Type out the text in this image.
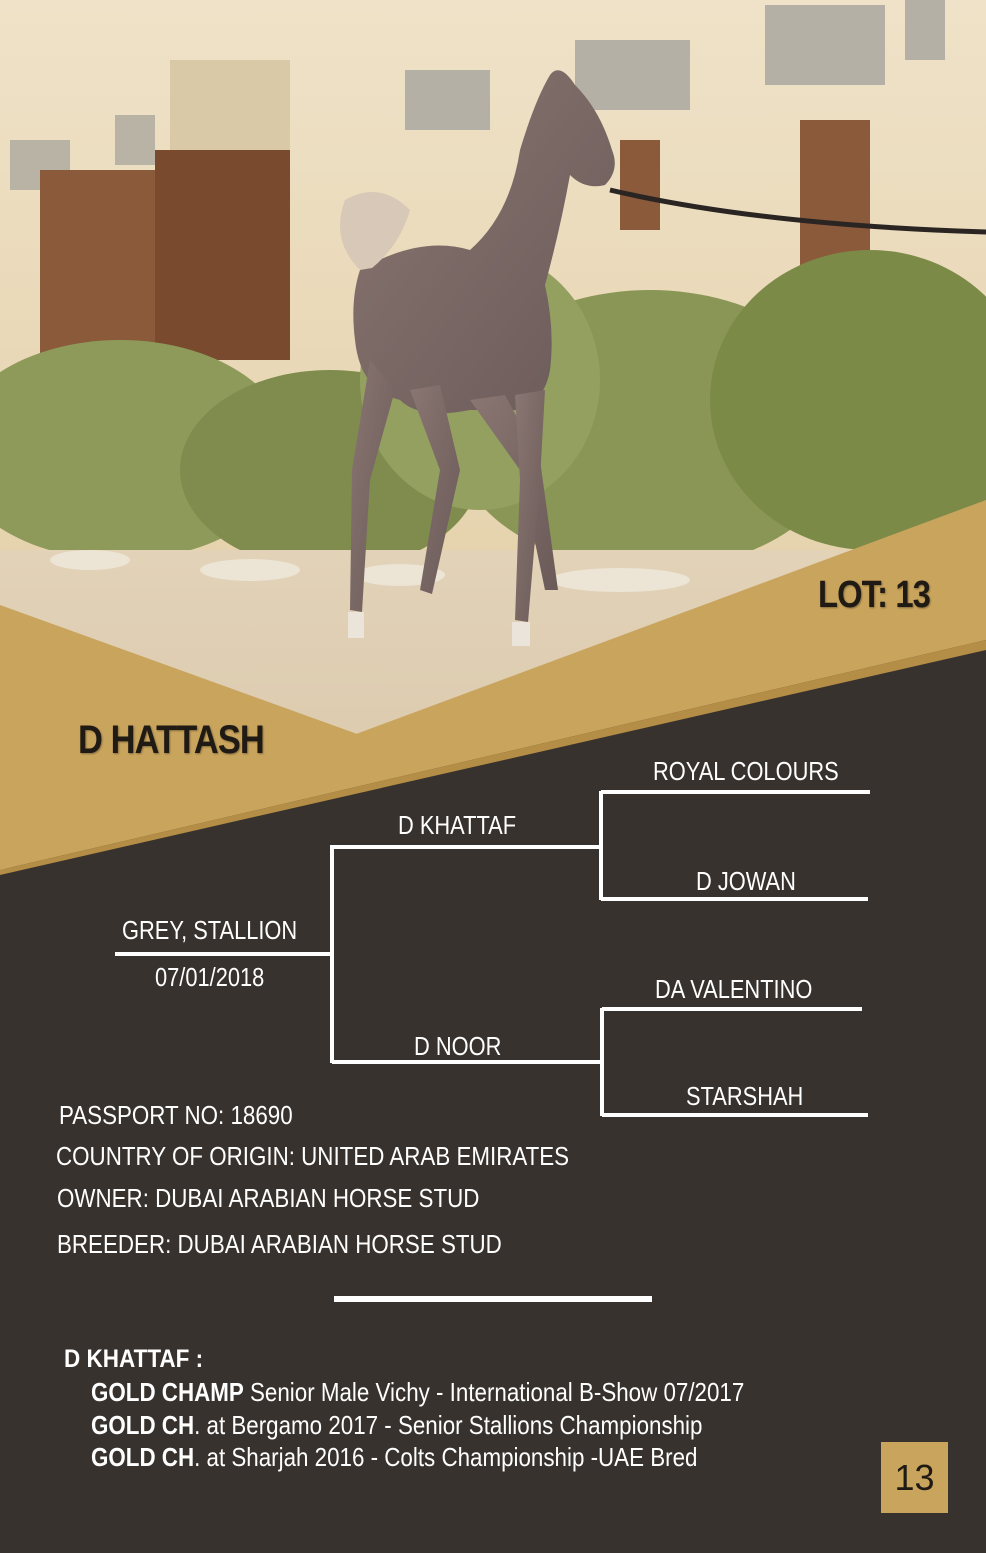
LOT: 13
D HATTASH
GREY, STALLION
07/01/2018
D KHATTAF
D NOOR
ROYAL COLOURS
D JOWAN
DA VALENTINO
STARSHAH
PASSPORT NO: 18690
COUNTRY OF ORIGIN: UNITED ARAB EMIRATES
OWNER: DUBAI ARABIAN HORSE STUD
BREEDER: DUBAI ARABIAN HORSE STUD
D KHATTAF :
GOLD CHAMP Senior Male Vichy - International B-Show 07/2017
GOLD CH. at Bergamo 2017 - Senior Stallions Championship
GOLD CH. at Sharjah 2016 - Colts Championship -UAE Bred	13
